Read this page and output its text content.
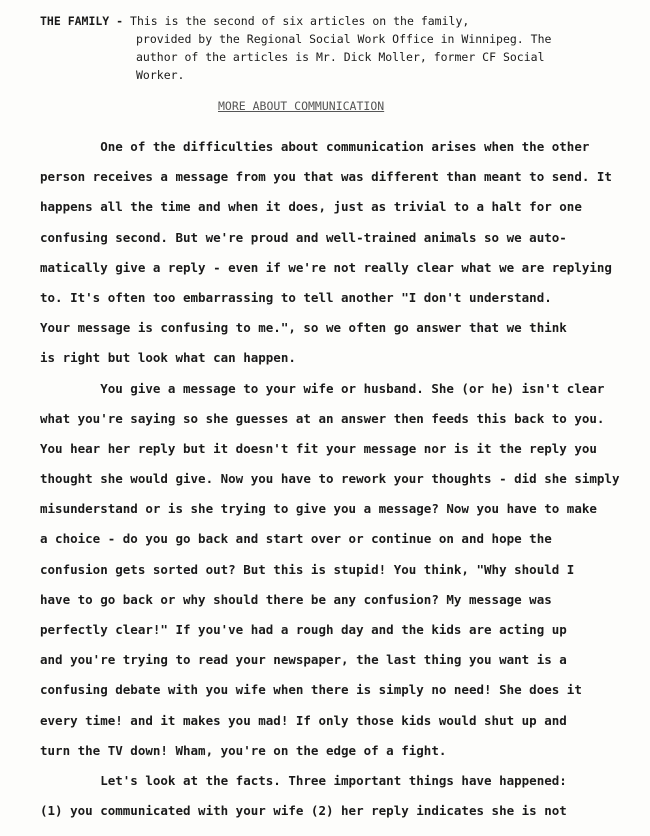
THE FAMILY - This is the second of six articles on the family,
provided by the Regional Social Work Office in Winnipeg. The
author of the articles is Mr. Dick Moller, former CF Social
Worker.
MORE ABOUT COMMUNICATION
One of the difficulties about communication arises when the other
person receives a message from you that was different than meant to send. It
happens all the time and when it does, just as trivial to a halt for one
confusing second. But we're proud and well-trained animals so we auto-
matically give a reply - even if we're not really clear what we are replying
to. It's often too embarrassing to tell another "I don't understand.
Your message is confusing to me.", so we often go answer that we think
is right but look what can happen.
You give a message to your wife or husband. She (or he) isn't clear
what you're saying so she guesses at an answer then feeds this back to you.
You hear her reply but it doesn't fit your message nor is it the reply you
thought she would give. Now you have to rework your thoughts - did she simply
misunderstand or is she trying to give you a message? Now you have to make
a choice - do you go back and start over or continue on and hope the
confusion gets sorted out? But this is stupid! You think, "Why should I
have to go back or why should there be any confusion? My message was
perfectly clear!" If you've had a rough day and the kids are acting up
and you're trying to read your newspaper, the last thing you want is a
confusing debate with you wife when there is simply no need! She does it
every time! and it makes you mad! If only those kids would shut up and
turn the TV down! Wham, you're on the edge of a fight.
Let's look at the facts. Three important things have happened:
(1) you communicated with your wife (2) her reply indicates she is not
